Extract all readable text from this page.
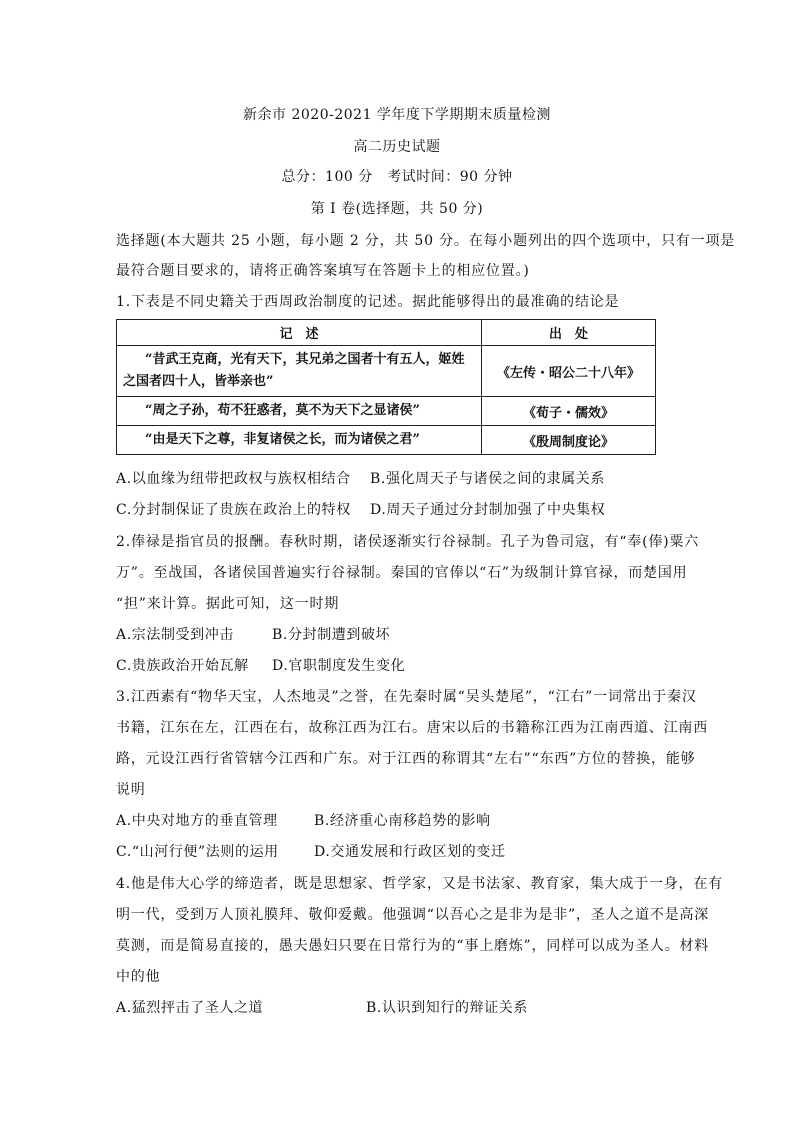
新余市 2020-2021 学年度下学期期末质量检测
高二历史试题
总分：100 分　考试时间：90 分钟
第 I 卷(选择题，共 50 分)
选择题(本大题共 25 小题，每小题 2 分，共 50 分。在每小题列出的四个选项中，只有一项是
最符合题目要求的，请将正确答案填写在答题卡上的相应位置。)
1.下表是不同史籍关于西周政治制度的记述。据此能够得出的最准确的结论是
记　述	出　处

“昔武王克商，光有天下，其兄弟之国者十有五人，姬姓
之国者四十人，皆举亲也”	《左传・昭公二十八年》
“周之子孙，苟不狂惑者，莫不为天下之显诸侯”	《荀子・儒效》
“由是天下之尊，非复诸侯之长，而为诸侯之君”	《殷周制度论》
A.以血缘为纽带把政权与族权相结合 B.强化周天子与诸侯之间的隶属关系
C.分封制保证了贵族在政治上的特权 D.周天子通过分封制加强了中央集权
2.俸禄是指官员的报酬。春秋时期，诸侯逐渐实行谷禄制。孔子为鲁司寇，有“奉(俸)粟六
万”。至战国，各诸侯国普遍实行谷禄制。秦国的官俸以“石”为级制计算官禄，而楚国用
“担”来计算。据此可知，这一时期
A.宗法制受到冲击	B.分封制遭到破坏
C.贵族政治开始瓦解 D.官职制度发生变化
3.江西素有“物华天宝，人杰地灵”之誉，在先秦时属“吴头楚尾”，“江右”一词常出于秦汉
书籍，江东在左，江西在右，故称江西为江右。唐宋以后的书籍称江西为江南西道、江南西
路，元设江西行省管辖今江西和广东。对于江西的称谓其“左右”“东西”方位的替换，能够
说明
A.中央对地方的垂直管理	B.经济重心南移趋势的影响
C.“山河行便”法则的运用	D.交通发展和行政区划的变迁
4.他是伟大心学的缔造者，既是思想家、哲学家，又是书法家、教育家，集大成于一身，在有
明一代，受到万人顶礼膜拜、敬仰爱戴。他强调“以吾心之是非为是非”，圣人之道不是高深
莫测，而是简易直接的，愚夫愚妇只要在日常行为的“事上磨炼”，同样可以成为圣人。材料
中的他
A.猛烈抨击了圣人之道	B.认识到知行的辩证关系
